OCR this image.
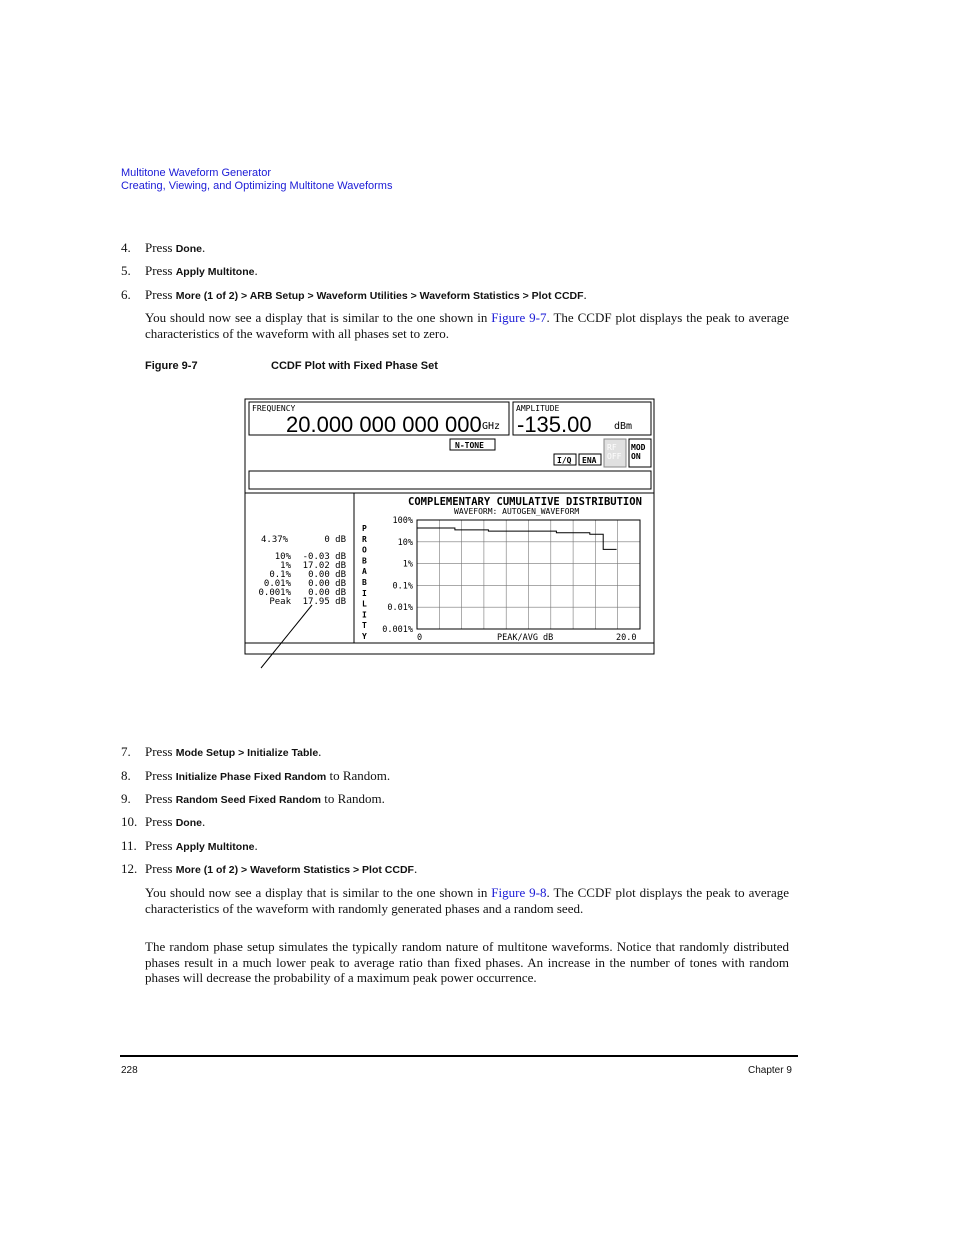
Multitone Waveform Generator
Creating, Viewing, and Optimizing Multitone Waveforms
4. Press Done.
5. Press Apply Multitone.
6. Press More (1 of 2) > ARB Setup > Waveform Utilities > Waveform Statistics > Plot CCDF.
You should now see a display that is similar to the one shown in Figure 9-7. The CCDF plot displays the peak to average characteristics of the waveform with all phases set to zero.
Figure 9-7	CCDF Plot with Fixed Phase Set
FREQUENCY
20.000 000 000 000 GHz
AMPLITUDE
-135.00 dBm
N-TONE
I/Q ENA
RF
OFF
MOD
ON
4.37%	0 dB
10% -0.03 dB
1% 17.02 dB
0.1% 0.00 dB
0.01% 0.00 dB
0.001% 0.00 dB
Peak 17.95 dB
COMPLEMENTARY CUMULATIVE DISTRIBUTION
WAVEFORM: AUTOGEN_WAVEFORM
P
R
O
B
A
B
I
L
I
T
Y
100%
10%
1%
0.1%
0.01%
0.001%
0	PEAK/AVG dB	20.0
7. Press Mode Setup > Initialize Table.
8. Press Initialize Phase Fixed Random to Random.
9. Press Random Seed Fixed Random to Random.
10. Press Done.
11. Press Apply Multitone.
12. Press More (1 of 2) > Waveform Statistics > Plot CCDF.
You should now see a display that is similar to the one shown in Figure 9-8. The CCDF plot displays the peak to average characteristics of the waveform with randomly generated phases and a random seed.
The random phase setup simulates the typically random nature of multitone waveforms. Notice that randomly distributed phases result in a much lower peak to average ratio than fixed phases. An increase in the number of tones with random phases will decrease the probability of a maximum peak power occurrence.
228	Chapter 9
